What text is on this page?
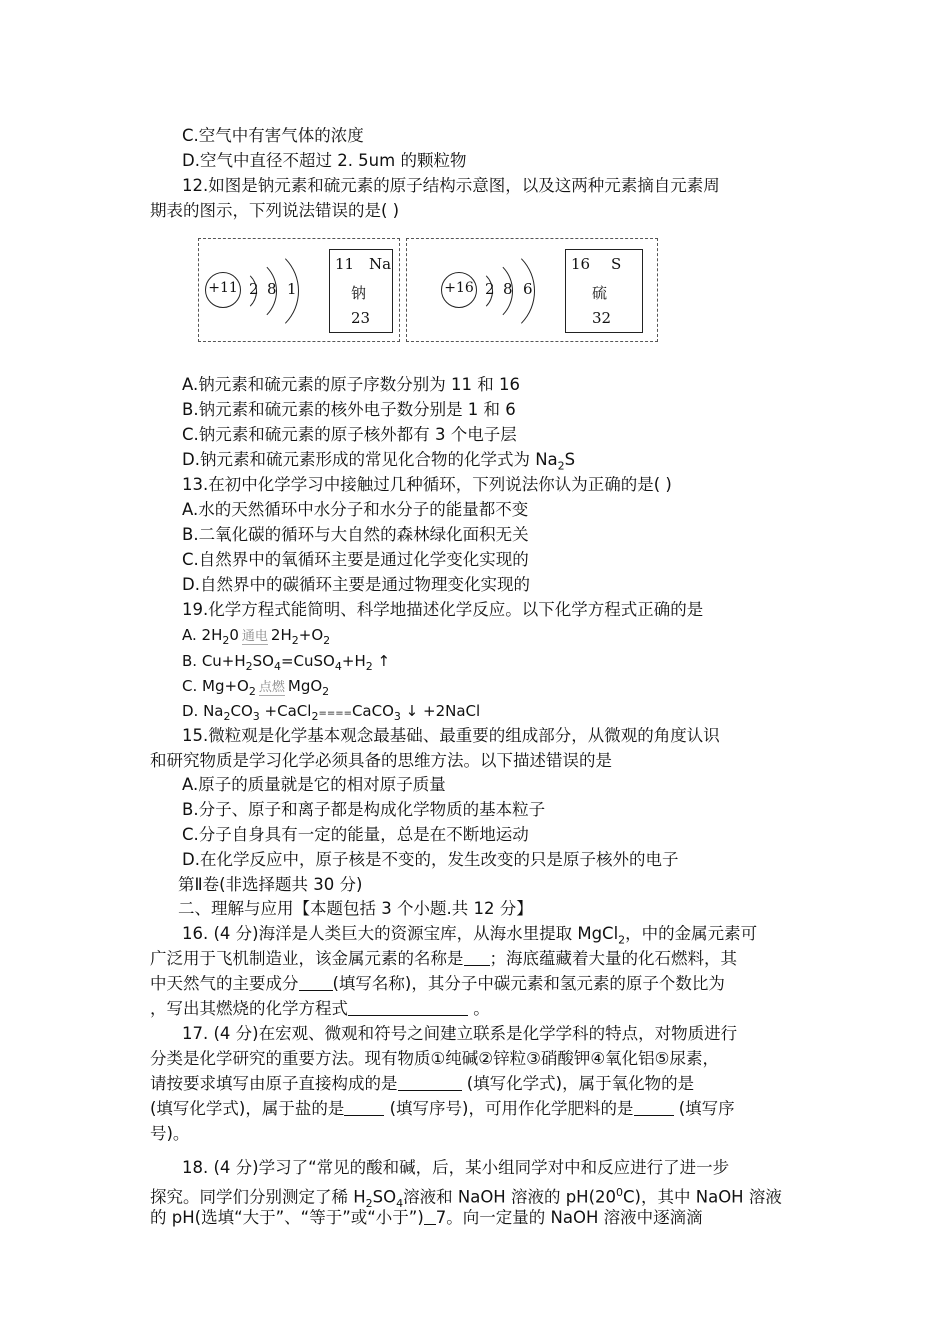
C.空气中有害气体的浓度
D.空气中直径不超过 2. 5um 的颗粒物
12.如图是钠元素和硫元素的原子结构示意图，以及这两种元素摘自元素周
期表的图示，下列说法错误的是( )
+11 2 8 1
11 Na
钠
23
+16 2 8 6
16 S
硫
32
A.钠元素和硫元素的原子序数分别为 11 和 16
B.钠元素和硫元素的核外电子数分别是 1 和 6
C.钠元素和硫元素的原子核外都有 3 个电子层
D.钠元素和硫元素形成的常见化合物的化学式为 $Na_2S$
13.在初中化学学习中接触过几种循环，下列说法你认为正确的是( )
A.水的天然循环中水分子和水分子的能量都不变
B.二氧化碳的循环与大自然的森林绿化面积无关
C.自然界中的氧循环主要是通过化学变化实现的
D.自然界中的碳循环主要是通过物理变化实现的
19.化学方程式能简明、科学地描述化学反应。以下化学方程式正确的是
A. $2H_20$ 通电 $2H_2+O_2$
B. $Cu+H_2SO_4=CuSO_4+H_2$ ↑
C. $Mg+O_2$ 点燃 MgO$_2$
D. $Na_2CO_3$ +CaCl$_2$====CaCO$_3$ ↓ +2NaCl
15.微粒观是化学基本观念最基础、最重要的组成部分，从微观的角度认识
和研究物质是学习化学必须具备的思维方法。以下描述错误的是
A.原子的质量就是它的相对原子质量
B.分子、原子和离子都是构成化学物质的基本粒子
C.分子自身具有一定的能量，总是在不断地运动
D.在化学反应中，原子核是不变的，发生改变的只是原子核外的电子
第Ⅱ卷(非选择题共 30 分)
二、理解与应用【本题包括 3 个小题.共 12 分】
16. (4 分)海洋是人类巨大的资源宝库，从海水里提取 MgCl$_2$，中的金属元素可
广泛用于飞机制造业，该金属元素的名称是 ；海底蕴藏着大量的化石燃料，其
中天然气的主要成分 (填写名称)，其分子中碳元素和氢元素的原子个数比为
，写出其燃烧的化学方程式	。
17. (4 分)在宏观、微观和符号之间建立联系是化学学科的特点，对物质进行
分类是化学研究的重要方法。现有物质①纯碱②锌粒③硝酸钾④氧化铝⑤尿素，
请按要求填写由原子直接构成的是	(填写化学式)，属于氧化物的是
(填写化学式)，属于盐的是 (填写序号)，可用作化学肥料的是 (填写序
号)。
18. (4 分)学习了“常见的酸和碱，后，某小组同学对中和反应进行了进一步
探究。同学们分别测定了稀 $H_2SO_4$溶液和 NaOH 溶液的 $pH(20^0C)$，其中 NaOH 溶液
的 pH(选填“大于”、“等于”或“小于”) 7。向一定量的 NaOH 溶液中逐滴滴
